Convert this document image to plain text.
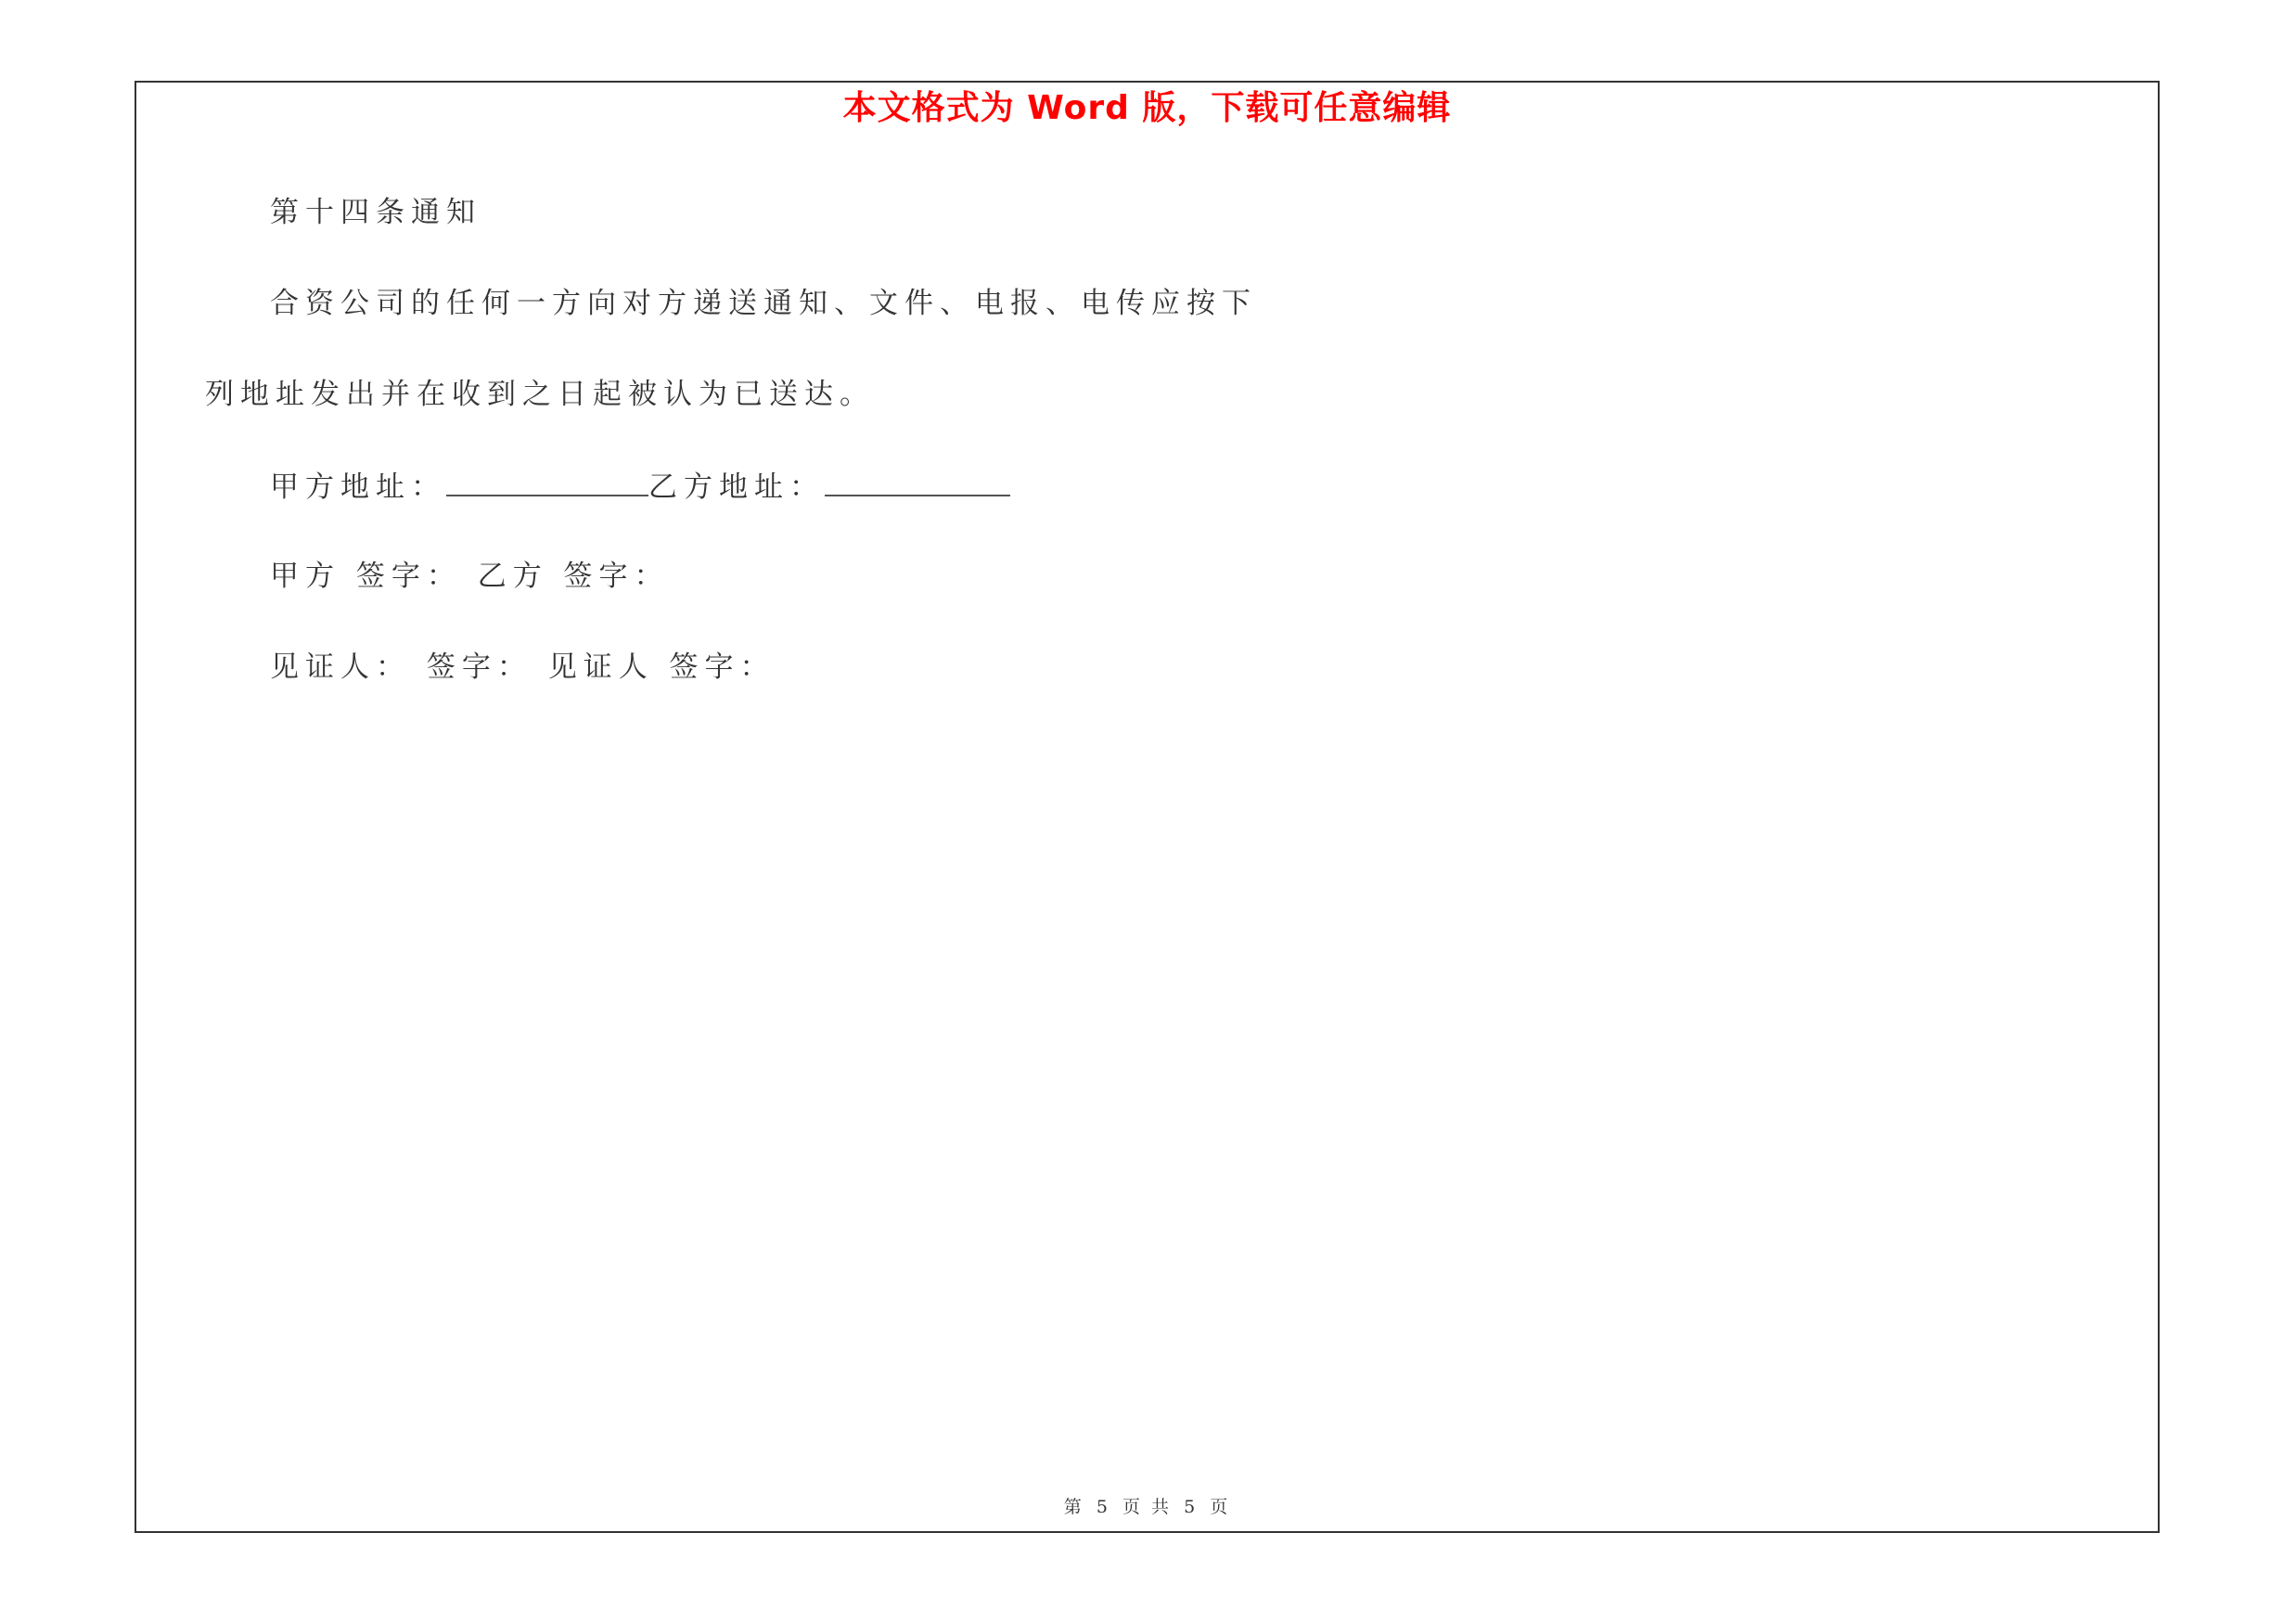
本文格式为 Word 版，下载可任意编辑
第十四条通知
合资公司的任何一方向对方递送通知、文件、电报、电传应按下
列地址发出并在收到之日起被认为已送达。
甲方地址：	乙方地址：
甲方 签字： 乙方 签字：
见证人： 签字： 见证人 签字：
第 5 页 共 5 页
